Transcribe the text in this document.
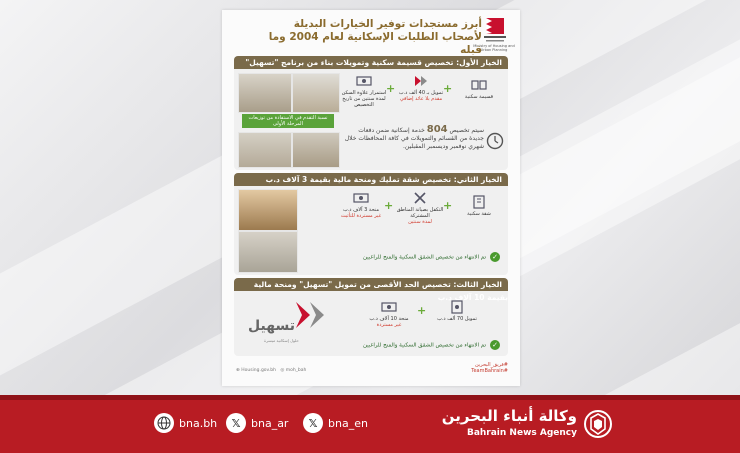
Ministry of Housing and Urban Planning
أبرز مستجدات توفير الخيارات البديلة
لأصحاب الطلبات الإسكانية لعام 2004 وما قبله
الخيار الأول: تخصيص قسيمة سكنية وتمويلات بناء من برنامج "تسهيل"
نسبة التقدم في الاستفادة من توزيعات المرحلة الأولى
قسيمة سكنية
+
تمويل بـ 40 ألف د.ب
مقدم بلا عائد إضافي
+
استمرار علاوة السكن لمدة سنتين من تاريخ التخصيص
سيتم تخصيص 804 خدمة إسكانية ضمن دفعات جديدة من القسائم والتمويلات في كافة المحافظات خلال شهري نوفمبر وديسمبر المقبلين.
الخيار الثاني: تخصيص شقة تمليك ومنحة مالية بقيمة 3 آلاف د.ب
شقة سكنية
+
التكفل بصيانة المناطق المشتركة
لمدة سنتين
+
منحة 3 آلاف د.ب
غير مستردة للتأثيث
✓تم الانتهاء من تخصيص الشقق السكنية والمنح للراغبين
الخيار الثالث: تخصيص الحد الأقصى من تمويل "تسهيل" ومنحة مالية بقيمة 10 آلاف د.ب
تسهيل
حلول إسكانية ميسرة
تمويل 70 ألف د.ب
+
منحة 10 آلاف د.ب
غير مستردة
✓تم الانتهاء من تخصيص الشقق السكنية والمنح للراغبين
⊕ Housing.gov.bh ◎ moh_bah
#فريق_البحرين
#TeamBahrain
bna.bh	𝕏 bna_ar	𝕏 bna_en	وكالة أنباء البحرين
Bahrain News Agency
